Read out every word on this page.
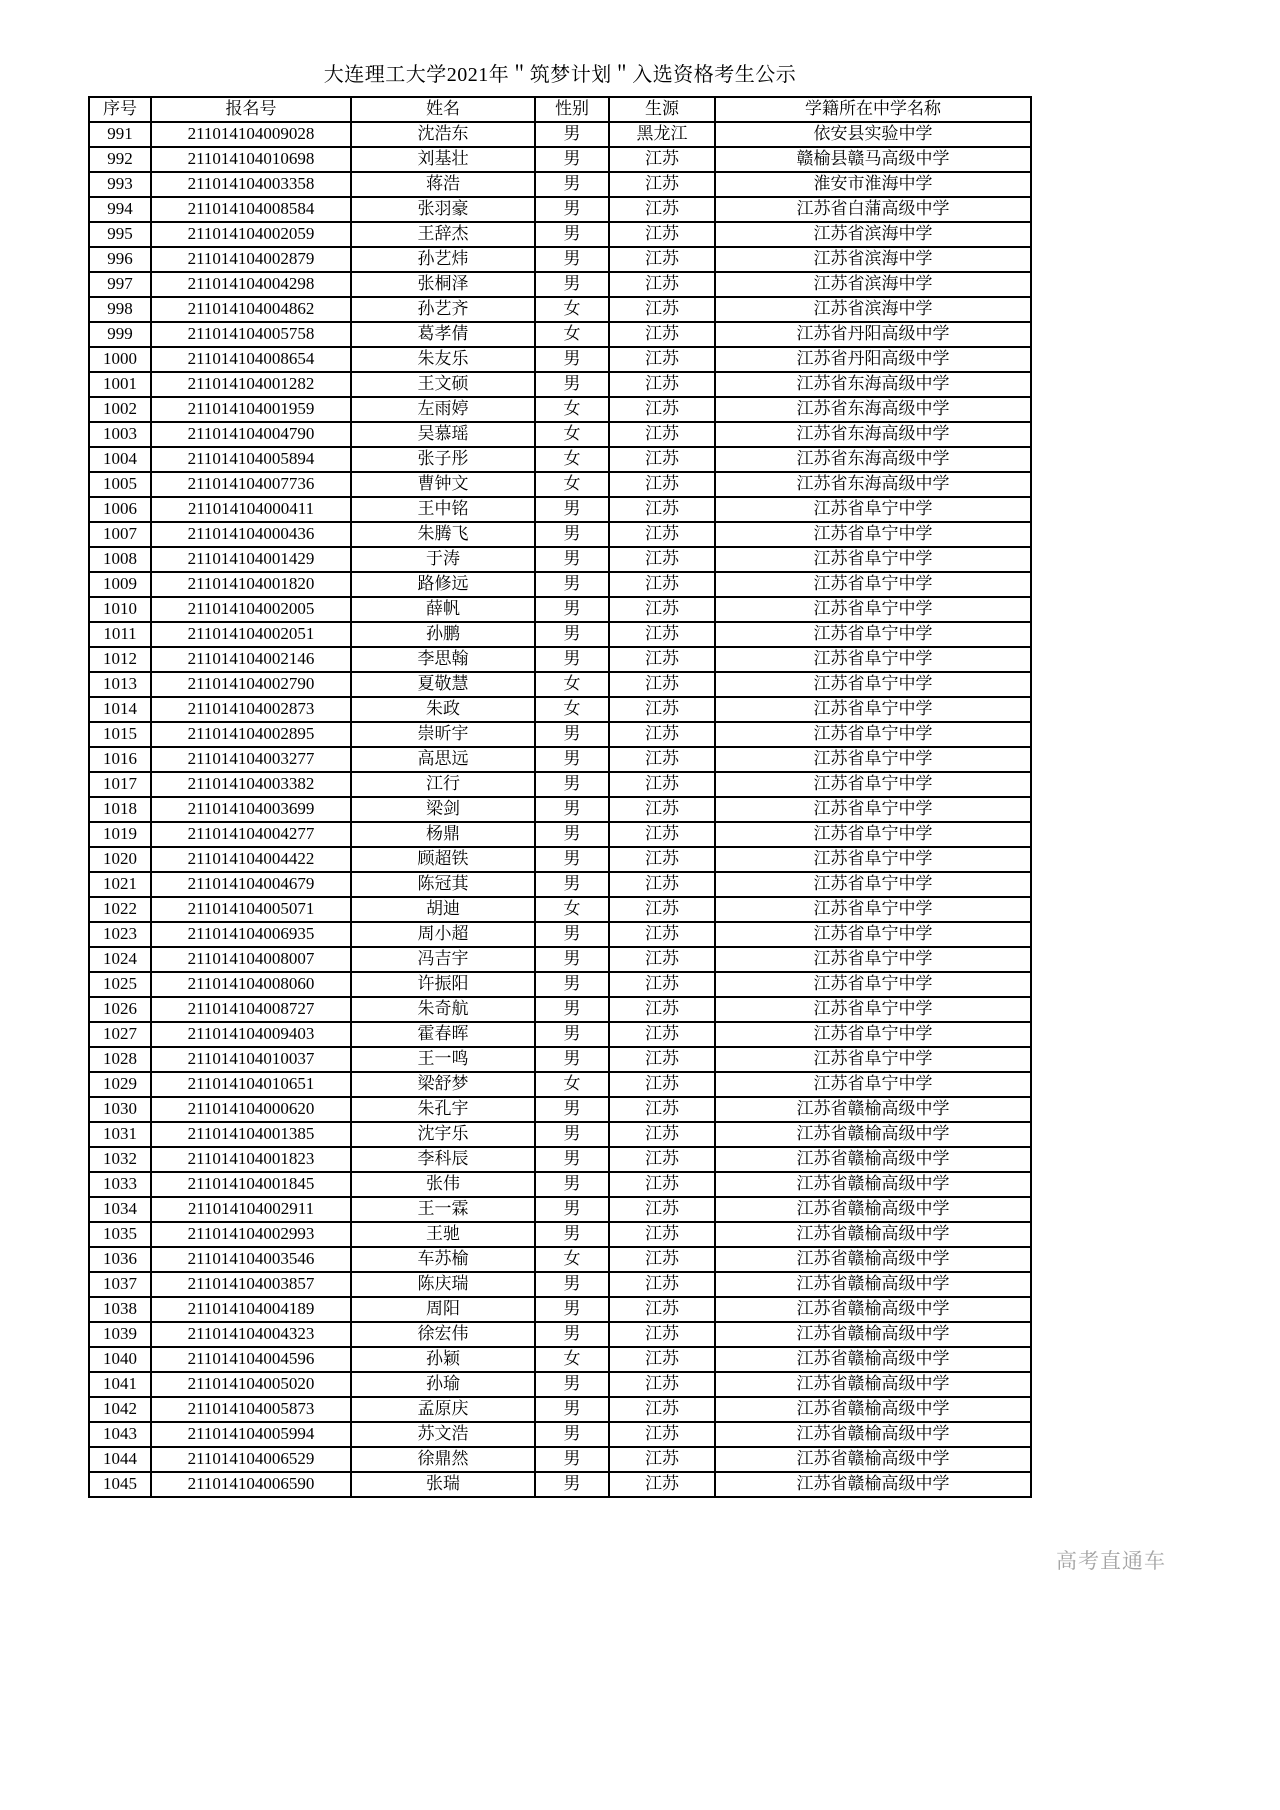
大连理工大学2021年＂筑梦计划＂入选资格考生公示
序号	报名号	姓名	性别	生源	学籍所在中学名称
991	211014104009028	沈浩东	男	黑龙江	依安县实验中学
992	211014104010698	刘基壮	男	江苏	赣榆县赣马高级中学
993	211014104003358	蒋浩	男	江苏	淮安市淮海中学
994	211014104008584	张羽豪	男	江苏	江苏省白蒲高级中学
995	211014104002059	王辞杰	男	江苏	江苏省滨海中学
996	211014104002879	孙艺炜	男	江苏	江苏省滨海中学
997	211014104004298	张桐泽	男	江苏	江苏省滨海中学
998	211014104004862	孙艺齐	女	江苏	江苏省滨海中学
999	211014104005758	葛孝倩	女	江苏	江苏省丹阳高级中学
1000	211014104008654	朱友乐	男	江苏	江苏省丹阳高级中学
1001	211014104001282	王文硕	男	江苏	江苏省东海高级中学
1002	211014104001959	左雨婷	女	江苏	江苏省东海高级中学
1003	211014104004790	吴慕瑶	女	江苏	江苏省东海高级中学
1004	211014104005894	张子彤	女	江苏	江苏省东海高级中学
1005	211014104007736	曹钟文	女	江苏	江苏省东海高级中学
1006	211014104000411	王中铭	男	江苏	江苏省阜宁中学
1007	211014104000436	朱腾飞	男	江苏	江苏省阜宁中学
1008	211014104001429	于涛	男	江苏	江苏省阜宁中学
1009	211014104001820	路修远	男	江苏	江苏省阜宁中学
1010	211014104002005	薛帆	男	江苏	江苏省阜宁中学
1011	211014104002051	孙鹏	男	江苏	江苏省阜宁中学
1012	211014104002146	李思翰	男	江苏	江苏省阜宁中学
1013	211014104002790	夏敬慧	女	江苏	江苏省阜宁中学
1014	211014104002873	朱政	女	江苏	江苏省阜宁中学
1015	211014104002895	崇昕宇	男	江苏	江苏省阜宁中学
1016	211014104003277	高思远	男	江苏	江苏省阜宁中学
1017	211014104003382	江行	男	江苏	江苏省阜宁中学
1018	211014104003699	梁剑	男	江苏	江苏省阜宁中学
1019	211014104004277	杨鼎	男	江苏	江苏省阜宁中学
1020	211014104004422	顾超铁	男	江苏	江苏省阜宁中学
1021	211014104004679	陈冠萁	男	江苏	江苏省阜宁中学
1022	211014104005071	胡迪	女	江苏	江苏省阜宁中学
1023	211014104006935	周小超	男	江苏	江苏省阜宁中学
1024	211014104008007	冯吉宇	男	江苏	江苏省阜宁中学
1025	211014104008060	许振阳	男	江苏	江苏省阜宁中学
1026	211014104008727	朱奇航	男	江苏	江苏省阜宁中学
1027	211014104009403	霍春晖	男	江苏	江苏省阜宁中学
1028	211014104010037	王一鸣	男	江苏	江苏省阜宁中学
1029	211014104010651	梁舒梦	女	江苏	江苏省阜宁中学
1030	211014104000620	朱孔宇	男	江苏	江苏省赣榆高级中学
1031	211014104001385	沈宇乐	男	江苏	江苏省赣榆高级中学
1032	211014104001823	李科辰	男	江苏	江苏省赣榆高级中学
1033	211014104001845	张伟	男	江苏	江苏省赣榆高级中学
1034	211014104002911	王一霖	男	江苏	江苏省赣榆高级中学
1035	211014104002993	王驰	男	江苏	江苏省赣榆高级中学
1036	211014104003546	车苏榆	女	江苏	江苏省赣榆高级中学
1037	211014104003857	陈庆瑞	男	江苏	江苏省赣榆高级中学
1038	211014104004189	周阳	男	江苏	江苏省赣榆高级中学
1039	211014104004323	徐宏伟	男	江苏	江苏省赣榆高级中学
1040	211014104004596	孙颖	女	江苏	江苏省赣榆高级中学
1041	211014104005020	孙瑜	男	江苏	江苏省赣榆高级中学
1042	211014104005873	孟原庆	男	江苏	江苏省赣榆高级中学
1043	211014104005994	苏文浩	男	江苏	江苏省赣榆高级中学
1044	211014104006529	徐鼎然	男	江苏	江苏省赣榆高级中学
1045	211014104006590	张瑞	男	江苏	江苏省赣榆高级中学
高考直通车
